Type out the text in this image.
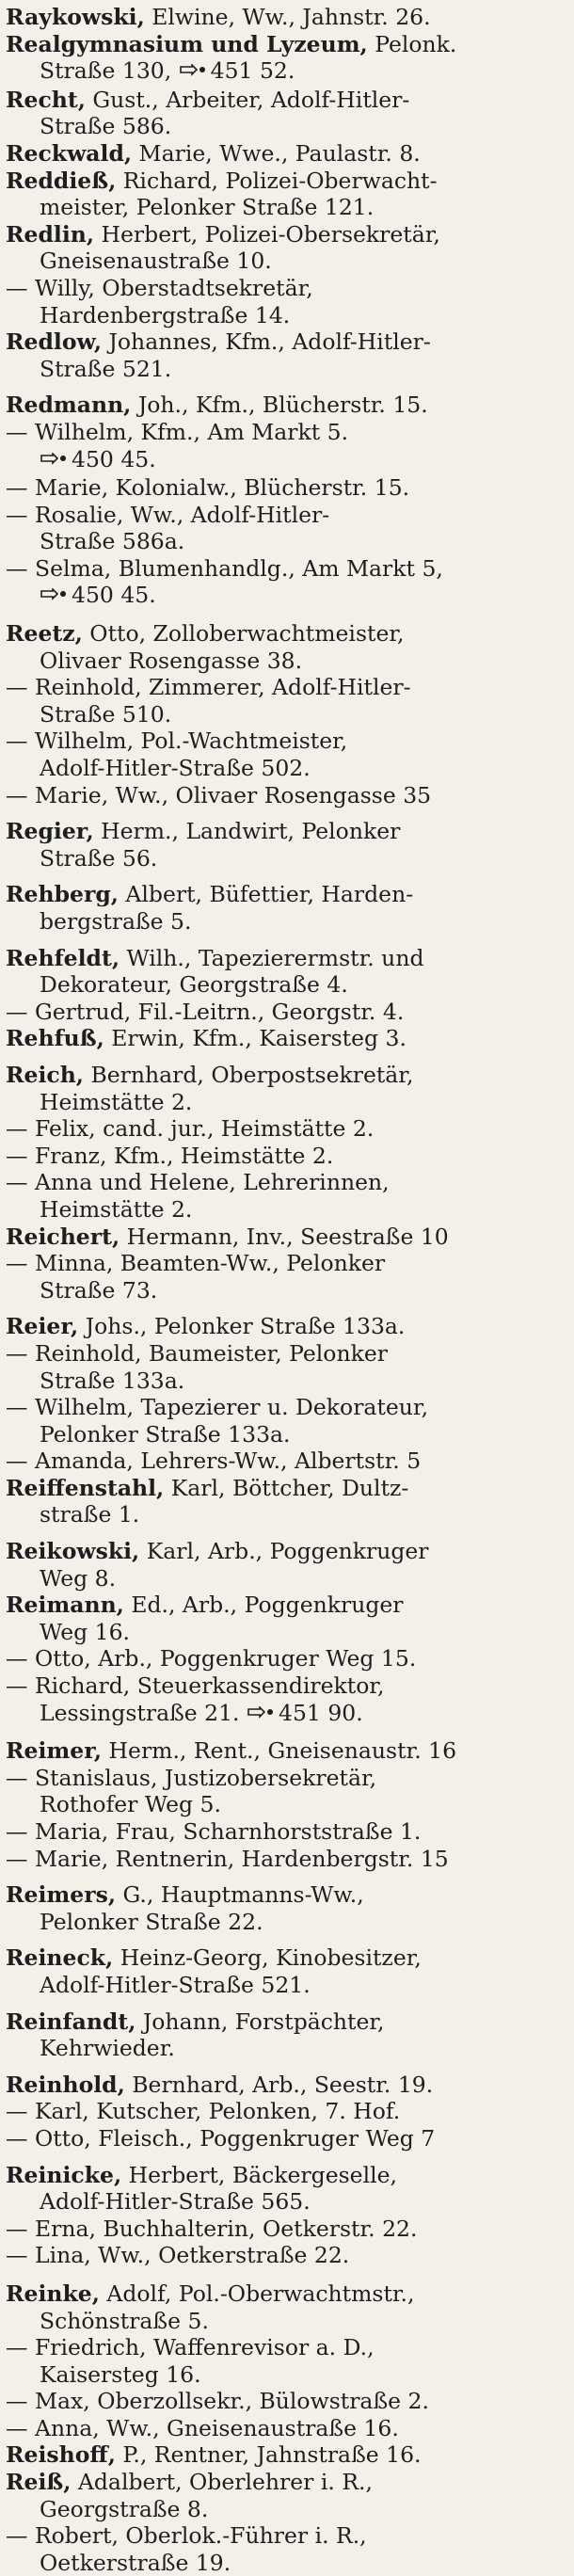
Raykowski, Elwine, Ww., Jahnstr. 26.
Realgymnasium und Lyzeum, Pelonk.
Straße 130, 451 52.
Recht, Gust., Arbeiter, Adolf-Hitler-
Straße 586.
Reckwald, Marie, Wwe., Paulastr. 8.
Reddieß, Richard, Polizei-Oberwacht-
meister, Pelonker Straße 121.
Redlin, Herbert, Polizei-Obersekretär,
Gneisenaustraße 10.
— Willy, Oberstadtsekretär,
Hardenbergstraße 14.
Redlow, Johannes, Kfm., Adolf-Hitler-
Straße 521.
Redmann, Joh., Kfm., Blücherstr. 15.
— Wilhelm, Kfm., Am Markt 5.
450 45.
— Marie, Kolonialw., Blücherstr. 15.
— Rosalie, Ww., Adolf-Hitler-
Straße 586a.
— Selma, Blumenhandlg., Am Markt 5,
450 45.
Reetz, Otto, Zolloberwachtmeister,
Olivaer Rosengasse 38.
— Reinhold, Zimmerer, Adolf-Hitler-
Straße 510.
— Wilhelm, Pol.-Wachtmeister,
Adolf-Hitler-Straße 502.
— Marie, Ww., Olivaer Rosengasse 35
Regier, Herm., Landwirt, Pelonker
Straße 56.
Rehberg, Albert, Büfettier, Harden-
bergstraße 5.
Rehfeldt, Wilh., Tapezierermstr. und
Dekorateur, Georgstraße 4.
— Gertrud, Fil.-Leitrn., Georgstr. 4.
Rehfuß, Erwin, Kfm., Kaisersteg 3.
Reich, Bernhard, Oberpostsekretär,
Heimstätte 2.
— Felix, cand. jur., Heimstätte 2.
— Franz, Kfm., Heimstätte 2.
— Anna und Helene, Lehrerinnen,
Heimstätte 2.
Reichert, Hermann, Inv., Seestraße 10
— Minna, Beamten-Ww., Pelonker
Straße 73.
Reier, Johs., Pelonker Straße 133a.
— Reinhold, Baumeister, Pelonker
Straße 133a.
— Wilhelm, Tapezierer u. Dekorateur,
Pelonker Straße 133a.
— Amanda, Lehrers-Ww., Albertstr. 5
Reiffenstahl, Karl, Böttcher, Dultz-
straße 1.
Reikowski, Karl, Arb., Poggenkruger
Weg 8.
Reimann, Ed., Arb., Poggenkruger
Weg 16.
— Otto, Arb., Poggenkruger Weg 15.
— Richard, Steuerkassendirektor,
Lessingstraße 21. 451 90.
Reimer, Herm., Rent., Gneisenaustr. 16
— Stanislaus, Justizobersekretär,
Rothofer Weg 5.
— Maria, Frau, Scharnhorststraße 1.
— Marie, Rentnerin, Hardenbergstr. 15
Reimers, G., Hauptmanns-Ww.,
Pelonker Straße 22.
Reineck, Heinz-Georg, Kinobesitzer,
Adolf-Hitler-Straße 521.
Reinfandt, Johann, Forstpächter,
Kehrwieder.
Reinhold, Bernhard, Arb., Seestr. 19.
— Karl, Kutscher, Pelonken, 7. Hof.
— Otto, Fleisch., Poggenkruger Weg 7
Reinicke, Herbert, Bäckergeselle,
Adolf-Hitler-Straße 565.
— Erna, Buchhalterin, Oetkerstr. 22.
— Lina, Ww., Oetkerstraße 22.
Reinke, Adolf, Pol.-Oberwachtmstr.,
Schönstraße 5.
— Friedrich, Waffenrevisor a. D.,
Kaisersteg 16.
— Max, Oberzollsekr., Bülowstraße 2.
— Anna, Ww., Gneisenaustraße 16.
Reishoff, P., Rentner, Jahnstraße 16.
Reiß, Adalbert, Oberlehrer i. R.,
Georgstraße 8.
— Robert, Oberlok.-Führer i. R.,
Oetkerstraße 19.
